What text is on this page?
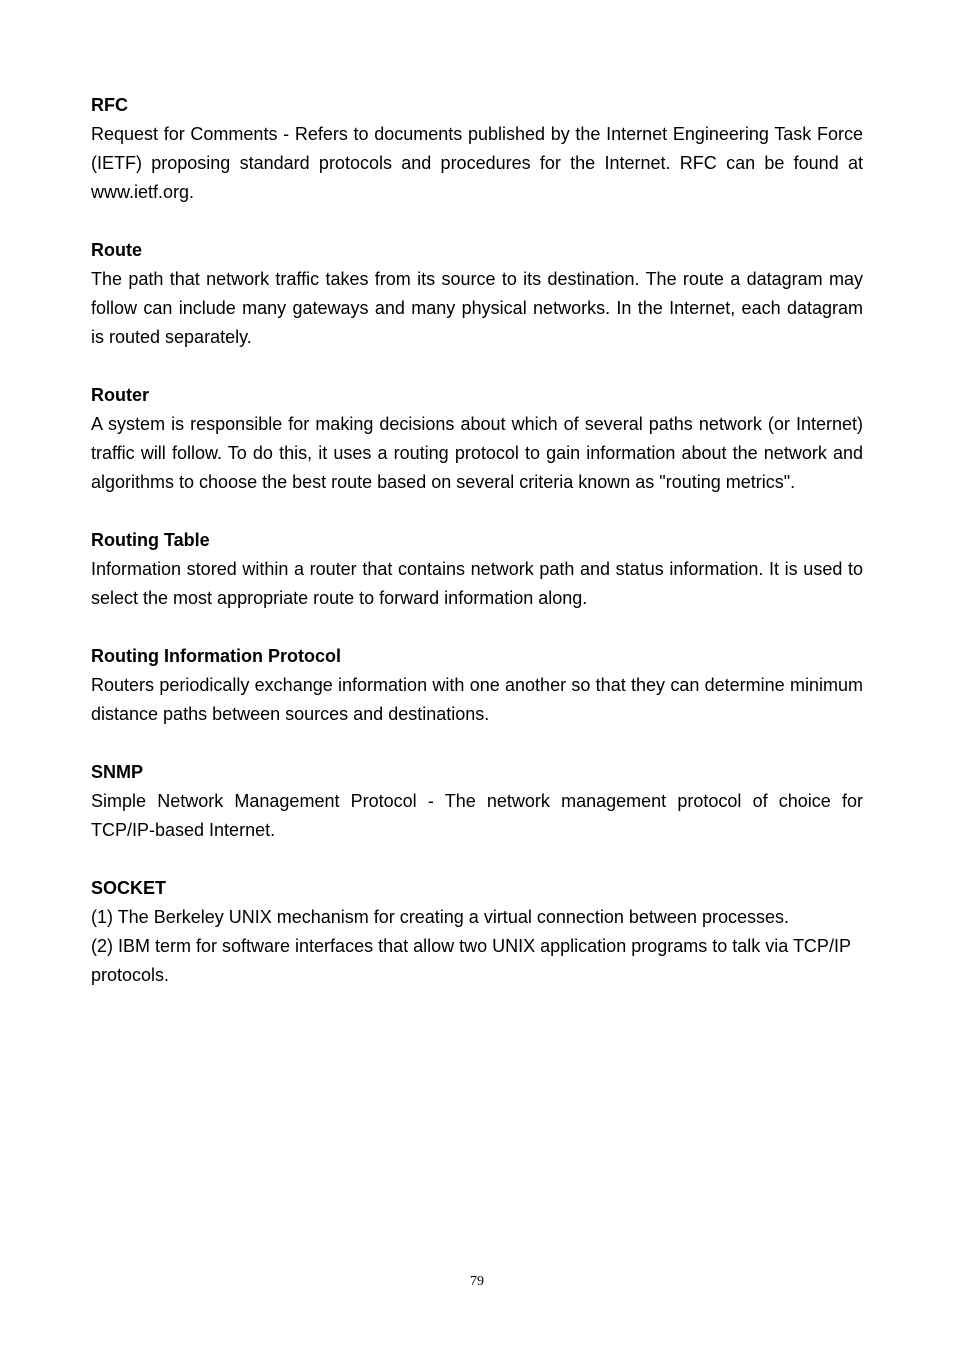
RFC

Request for Comments - Refers to documents published by the Internet Engineering Task Force (IETF) proposing standard protocols and procedures for the Internet. RFC can be found at www.ietf.org.

Route

The path that network traffic takes from its source to its destination. The route a datagram may follow can include many gateways and many physical networks. In the Internet, each datagram is routed separately.

Router

A system is responsible for making decisions about which of several paths network (or Internet) traffic will follow. To do this, it uses a routing protocol to gain information about the network and algorithms to choose the best route based on several criteria known as "routing metrics".

Routing Table

Information stored within a router that contains network path and status information. It is used to select the most appropriate route to forward information along.

Routing Information Protocol

Routers periodically exchange information with one another so that they can determine minimum distance paths between sources and destinations.

SNMP

Simple Network Management Protocol - The network management protocol of choice for TCP/IP-based Internet.

SOCKET

(1) The Berkeley UNIX mechanism for creating a virtual connection between processes.

(2) IBM term for software interfaces that allow two UNIX application programs to talk via TCP/IP protocols.

79
